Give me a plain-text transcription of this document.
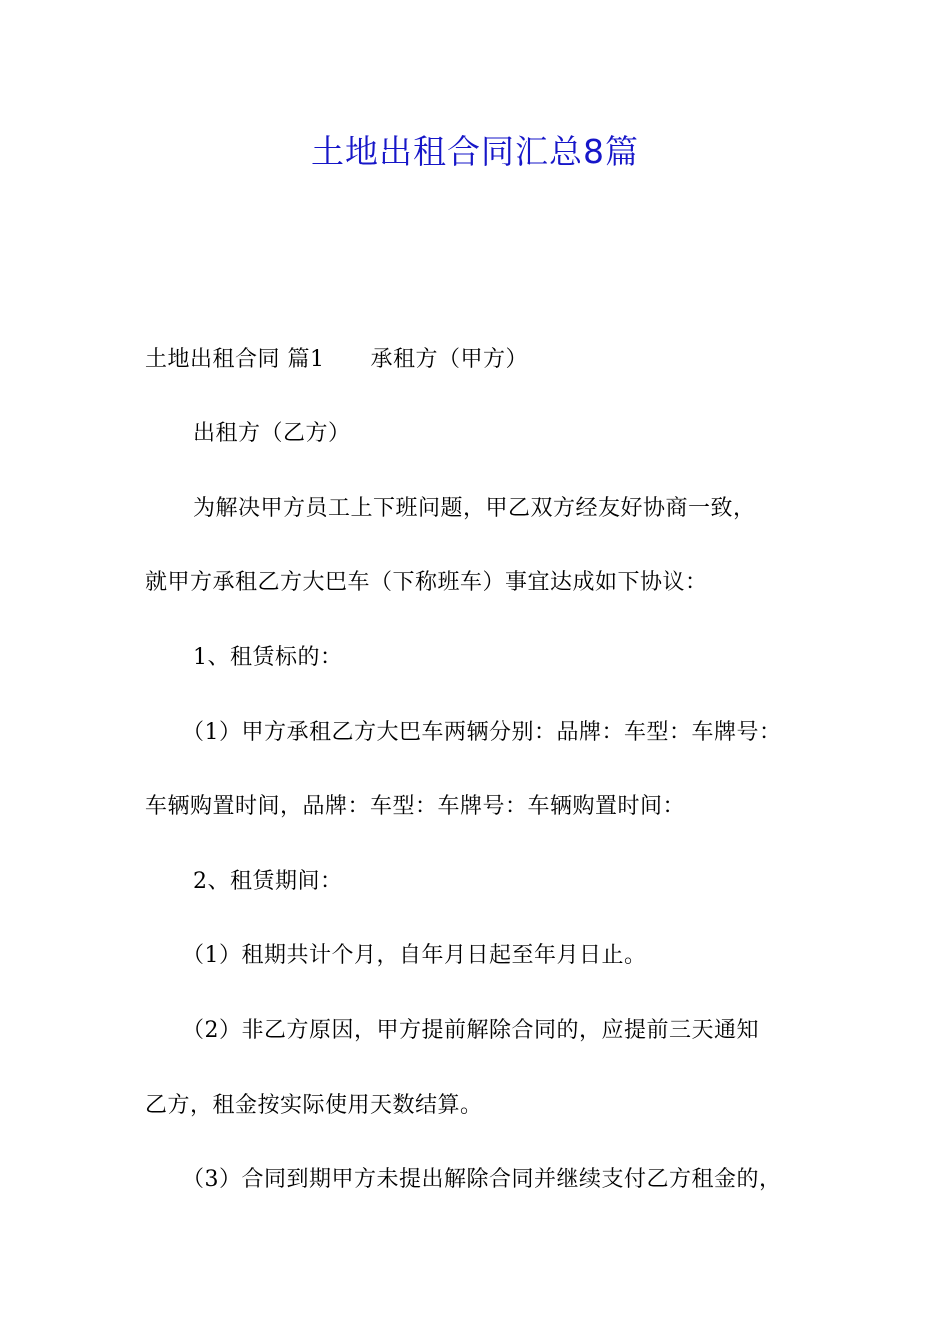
土地出租合同汇总8篇

土地出租合同 篇1 承租方（甲方）

出租方（乙方）

为解决甲方员工上下班问题，甲乙双方经友好协商一致，

就甲方承租乙方大巴车（下称班车）事宜达成如下协议：

1、租赁标的：

（1）甲方承租乙方大巴车两辆分别：品牌：车型：车牌号：

车辆购置时间，品牌：车型：车牌号：车辆购置时间：

2、租赁期间：

（1）租期共计个月，自年月日起至年月日止。

（2）非乙方原因，甲方提前解除合同的，应提前三天通知

乙方，租金按实际使用天数结算。

（3）合同到期甲方未提出解除合同并继续支付乙方租金的，
